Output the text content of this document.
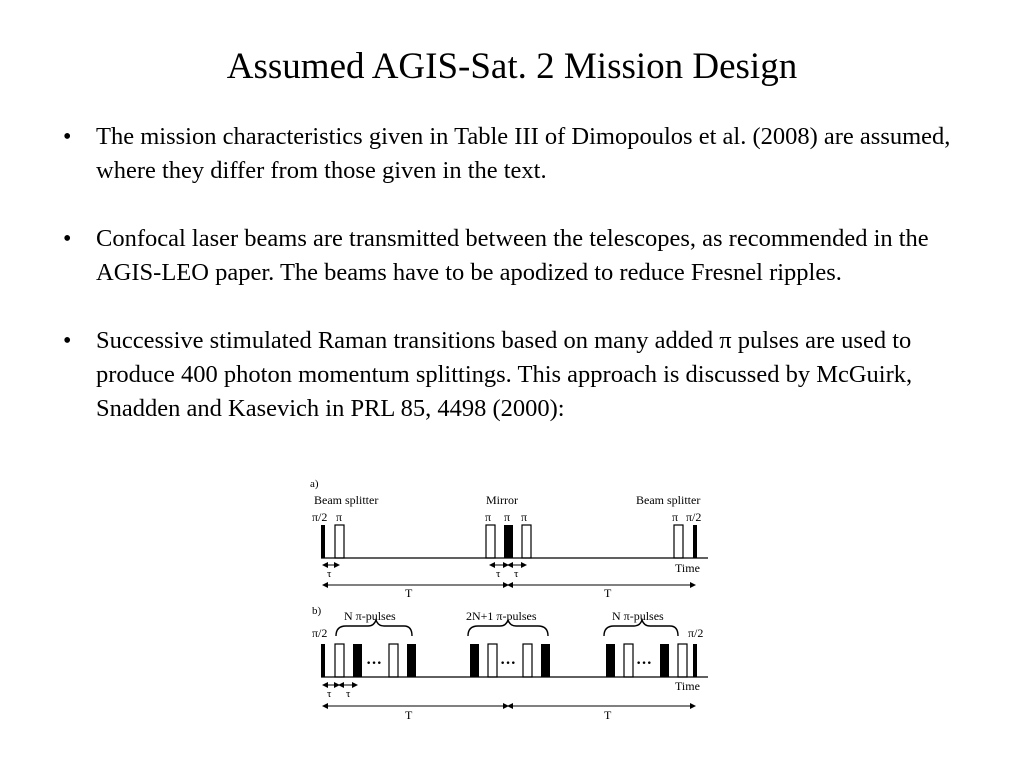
Assumed AGIS-Sat. 2 Mission Design
• The mission characteristics given in Table III of Dimopoulos et al. (2008) are assumed, where they differ from those given in the text.
• Confocal laser beams are transmitted between the telescopes, as recommended in the AGIS-LEO paper. The beams have to be apodized to reduce Fresnel ripples.
• Successive stimulated Raman transitions based on many added π pulses are used to produce 400 photon momentum splittings. This approach is discussed by McGuirk, Snadden and Kasevich in PRL 85, 4498 (2000):
a)
Beam splitter	Mirror	Beam splitter
π/2 π	π π π	π π/2
Time
τ	τ τ
T	T
b) N π-pulses	2N+1 π-pulses	N π-pulses
π/2	π/2
···	···	···
Time
τ τ
T	T
